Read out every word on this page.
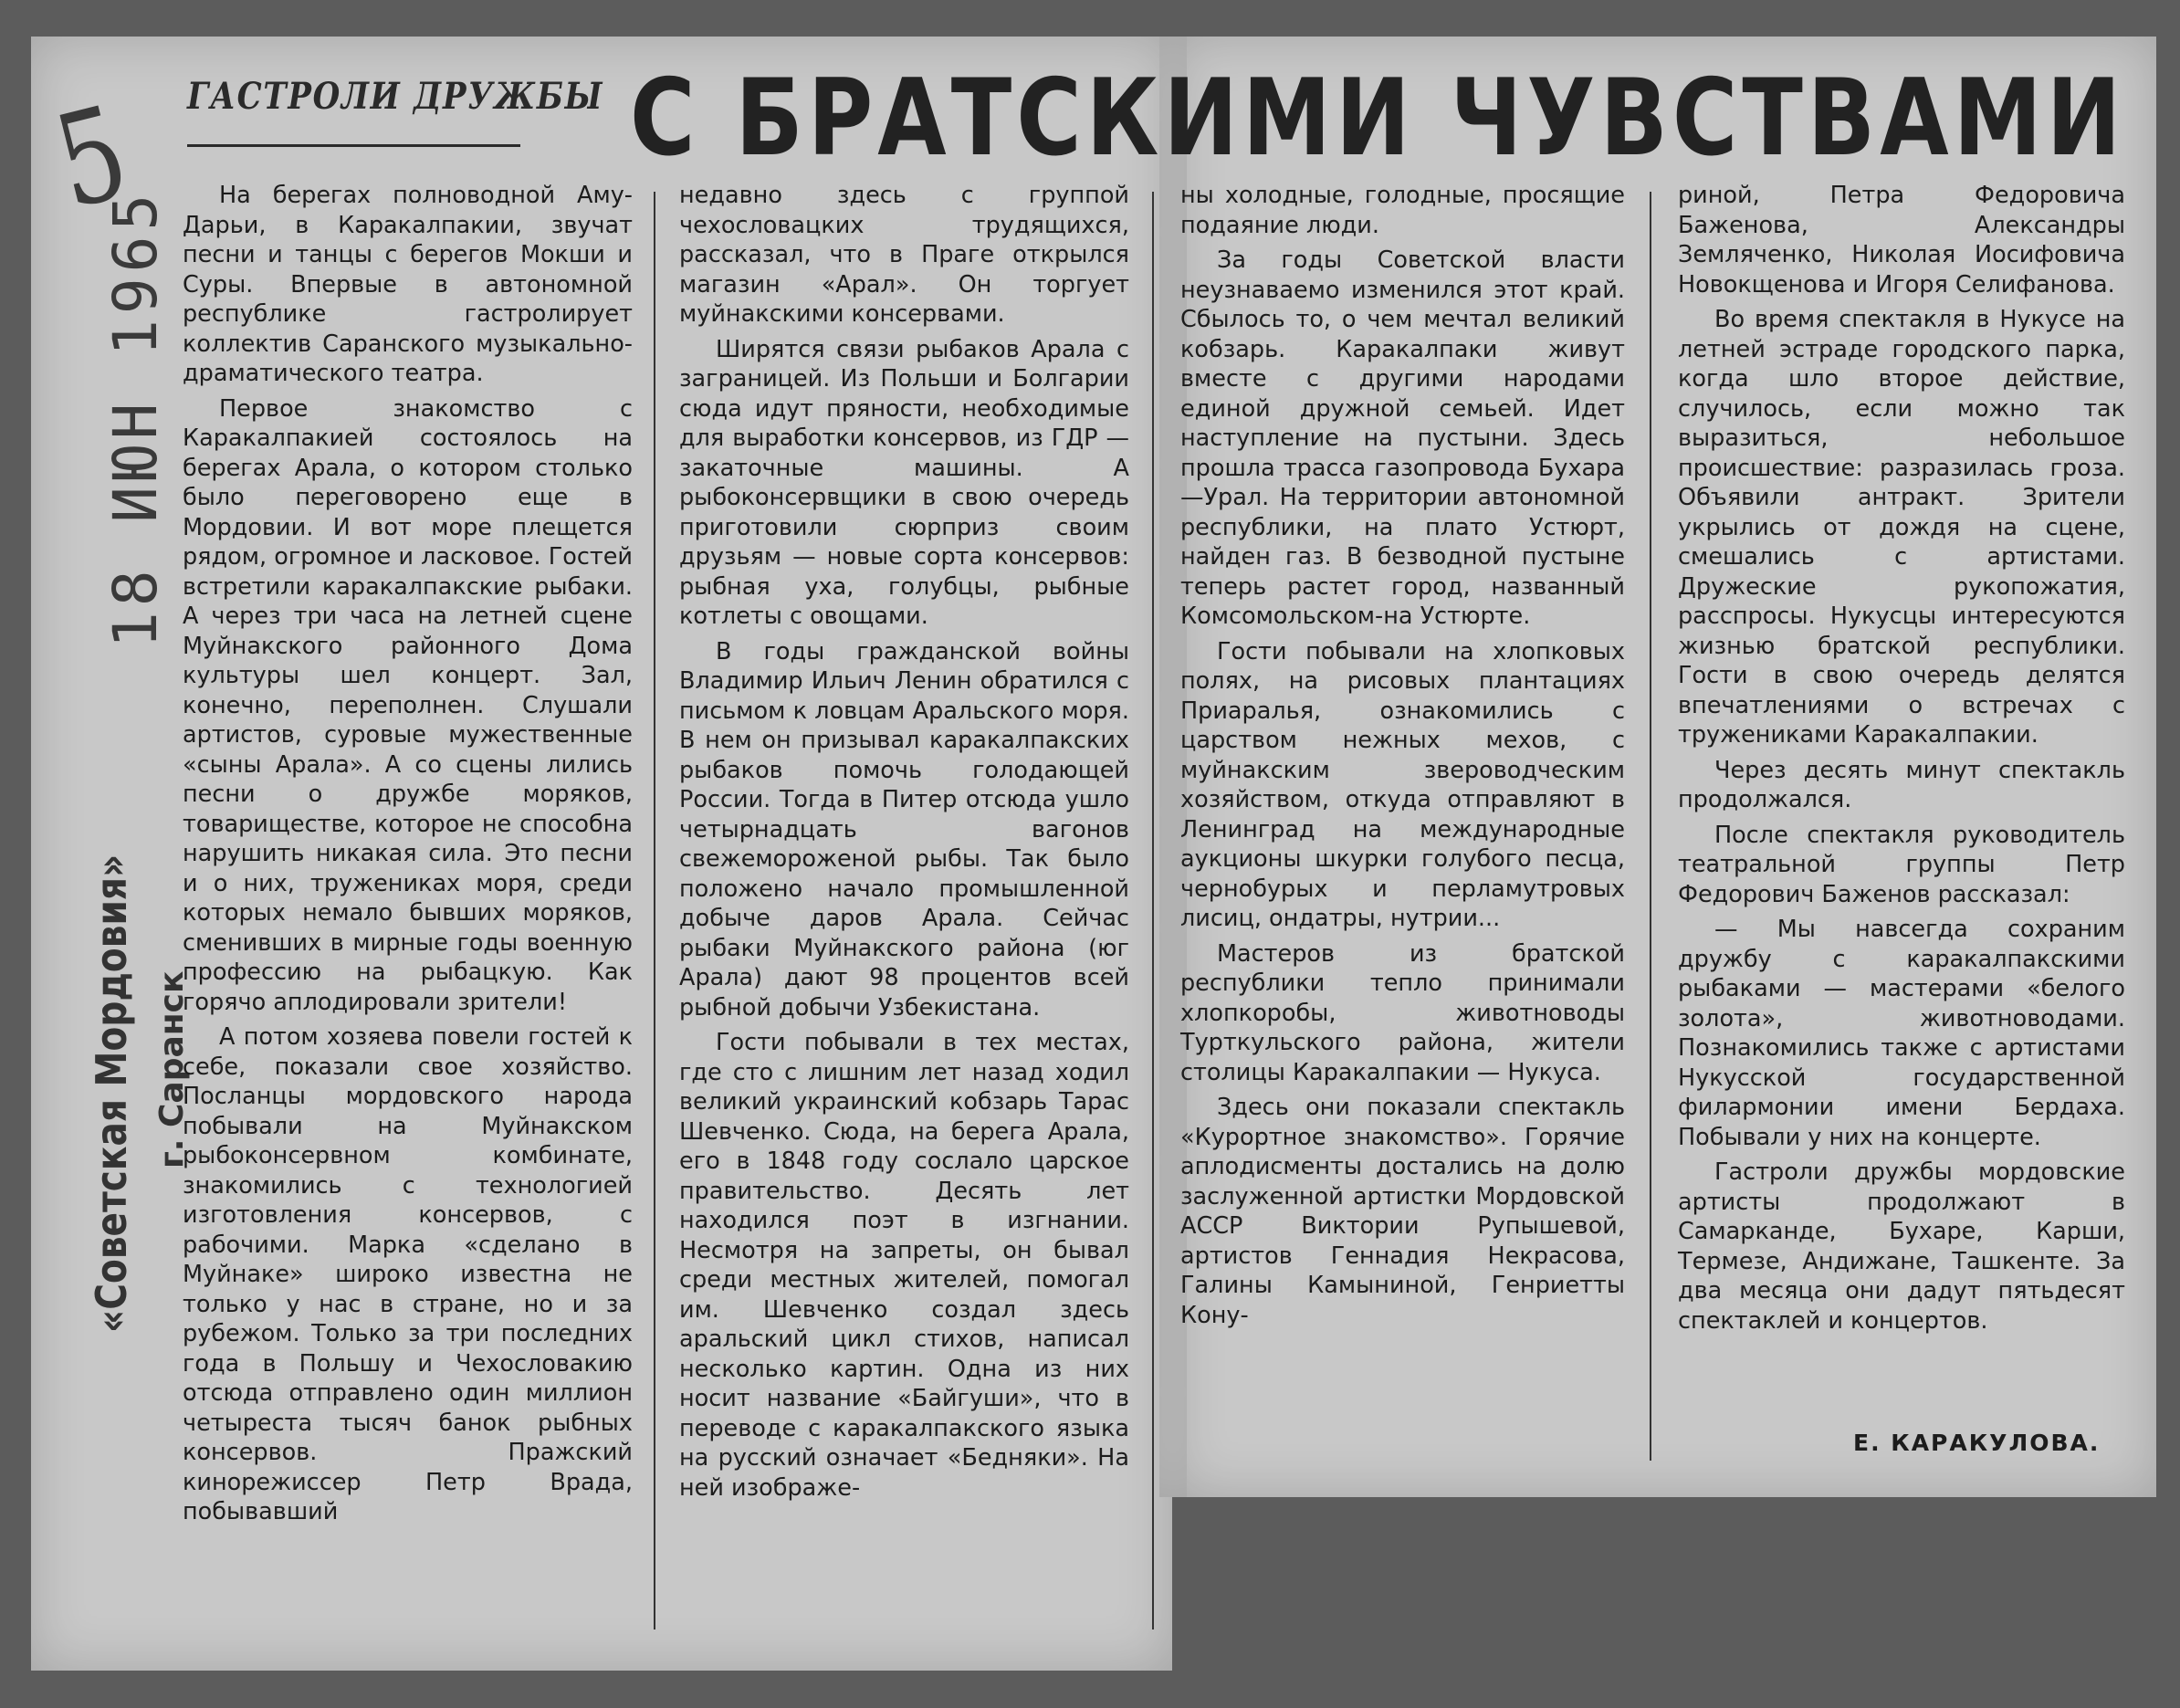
5
18 ИЮН 1965
«Советская Мордовия» г. Саранск
ГАСТРОЛИ ДРУЖБЫ С БРАТСКИМИ ЧУВСТВАМИ

На берегах полноводной Аму-Дарьи, в Каракалпакии, звучат песни и танцы с берегов Мокши и Суры. Впервые в автономной республике гастролирует коллектив Саранского музыкально-драматического театра.

Первое знакомство с Каракалпакией состоялось на берегах Арала, о котором столько было переговорено еще в Мордовии. И вот море плещется рядом, огромное и ласковое. Гостей встретили каракалпакские рыбаки. А через три часа на летней сцене Муйнакского районного Дома культуры шел концерт. Зал, конечно, переполнен. Слушали артистов, суровые мужественные «сыны Арала». А со сцены лились песни о дружбе моряков, товариществе, которое не способна нарушить никакая сила. Это песни и о них, тружениках моря, среди которых немало бывших моряков, сменивших в мирные годы военную профессию на рыбацкую. Как горячо аплодировали зрители!

А потом хозяева повели гостей к себе, показали свое хозяйство. Посланцы мордовского народа побывали на Муйнакском рыбоконсервном комбинате, знакомились с технологией изготовления консервов, с рабочими. Марка «сделано в Муйнаке» широко известна не только у нас в стране, но и за рубежом. Только за три последних года в Польшу и Чехословакию отсюда отправлено один миллион четыреста тысяч банок рыбных консервов. Пражский кинорежиссер Петр Врада, побывавший

недавно здесь с группой чехословацких трудящихся, рассказал, что в Праге открылся магазин «Арал». Он торгует муйнакскими консервами.

Ширятся связи рыбаков Арала с заграницей. Из Польши и Болгарии сюда идут пряности, необходимые для выработки консервов, из ГДР — закаточные машины. А рыбоконсервщики в свою очередь приготовили сюрприз своим друзьям — новые сорта консервов: рыбная уха, голубцы, рыбные котлеты с овощами.

В годы гражданской войны Владимир Ильич Ленин обратился с письмом к ловцам Аральского моря. В нем он призывал каракалпакских рыбаков помочь голодающей России. Тогда в Питер отсюда ушло четырнадцать вагонов свежемороженой рыбы. Так было положено начало промышленной добыче даров Арала. Сейчас рыбаки Муйнакского района (юг Арала) дают 98 процентов всей рыбной добычи Узбекистана.

Гости побывали в тех местах, где сто с лишним лет назад ходил великий украинский кобзарь Тарас Шевченко. Сюда, на берега Арала, его в 1848 году сослало царское правительство. Десять лет находился поэт в изгнании. Несмотря на запреты, он бывал среди местных жителей, помогал им. Шевченко создал здесь аральский цикл стихов, написал несколько картин. Одна из них носит название «Байгуши», что в переводе с каракалпакского языка на русский означает «Бедняки». На ней изображе-

ны холодные, голодные, просящие подаяние люди.

За годы Советской власти неузнаваемо изменился этот край. Сбылось то, о чем мечтал великий кобзарь. Каракалпаки живут вместе с другими народами единой дружной семьей. Идет наступление на пустыни. Здесь прошла трасса газопровода Бухара—Урал. На территории автономной республики, на плато Устюрт, найден газ. В безводной пустыне теперь растет город, названный Комсомольском-на Устюрте.

Гости побывали на хлопковых полях, на рисовых плантациях Приаралья, ознакомились с царством нежных мехов, с муйнакским звероводческим хозяйством, откуда отправляют в Ленинград на международные аукционы шкурки голубого песца, чернобурых и перламутровых лисиц, ондатры, нутрии...

Мастеров из братской республики тепло принимали хлопкоробы, животноводы Турткульского района, жители столицы Каракалпакии — Нукуса.

Здесь они показали спектакль «Курортное знакомство». Горячие аплодисменты достались на долю заслуженной артистки Мордовской АССР Виктории Рупышевой, артистов Геннадия Некрасова, Галины Камыниной, Генриетты Кону-

риной, Петра Федоровича Баженова, Александры Земляченко, Николая Иосифовича Новокщенова и Игоря Селифанова.

Во время спектакля в Нукусе на летней эстраде городского парка, когда шло второе действие, случилось, если можно так выразиться, небольшое происшествие: разразилась гроза. Объявили антракт. Зрители укрылись от дождя на сцене, смешались с артистами. Дружеские рукопожатия, расспросы. Нукусцы интересуются жизнью братской республики. Гости в свою очередь делятся впечатлениями о встречах с тружениками Каракалпакии.

Через десять минут спектакль продолжался.

После спектакля руководитель театральной группы Петр Федорович Баженов рассказал:

— Мы навсегда сохраним дружбу с каракалпакскими рыбаками — мастерами «белого золота», животноводами. Познакомились также с артистами Нукусской государственной филармонии имени Бердаха. Побывали у них на концерте.

Гастроли дружбы мордовские артисты продолжают в Самарканде, Бухаре, Карши, Термезе, Андижане, Ташкенте. За два месяца они дадут пятьдесят спектаклей и концертов.

Е. КАРАКУЛОВА.
